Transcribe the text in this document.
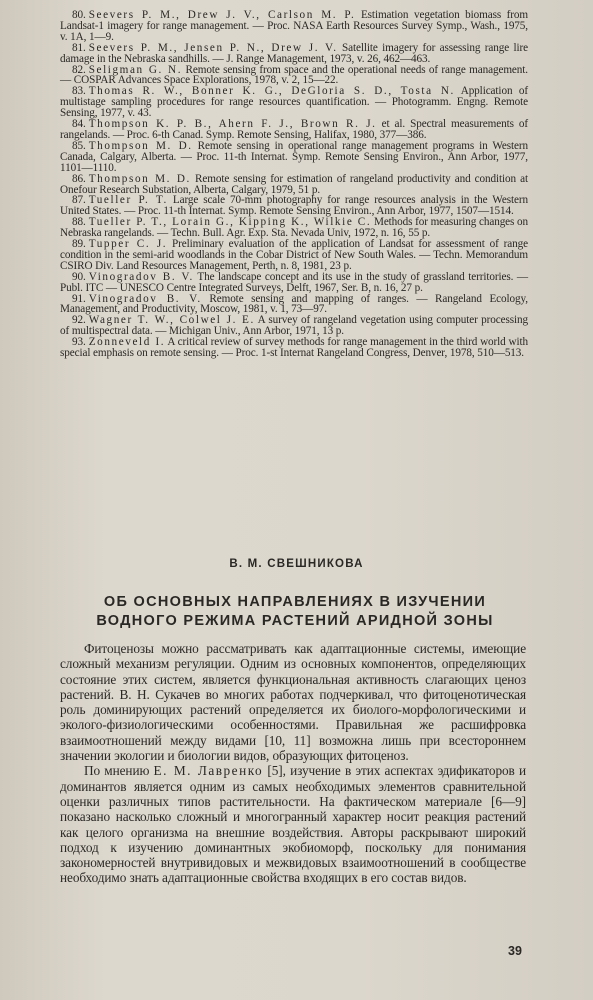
80. Seevers P. M., Drew J. V., Carlson M. P. Estimation vegetation biomass from Landsat-1 imagery for range management. — Proc. NASA Earth Resources Survey Symp., Wash., 1975, v. 1A, 1—9.
81. Seevers P. M., Jensen P. N., Drew J. V. Satellite imagery for assessing range lire damage in the Nebraska sandhills. — J. Range Management, 1973, v. 26, 462—463.
82. Seligman G. N. Remote sensing from space and the operational needs of range management. — COSPAR Advances Space Explorations, 1978, v. 2, 15—22.
83. Thomas R. W., Bonner K. G., DeGloria S. D., Tosta N. Application of multistage sampling procedures for range resources quantification. — Photogramm. Engng. Remote Sensing, 1977, v. 43.
84. Thompson K. P. B., Ahern F. J., Brown R. J. et al. Spectral measurements of rangelands. — Proc. 6-th Canad. Symp. Remote Sensing, Halifax, 1980, 377—386.
85. Thompson M. D. Remote sensing in operational range management programs in Western Canada, Calgary, Alberta. — Proc. 11-th Internat. Symp. Remote Sensing Environ., Ann Arbor, 1977, 1101—1110.
86. Thompson M. D. Remote sensing for estimation of rangeland productivity and condition at Onefour Research Substation, Alberta, Calgary, 1979, 51 p.
87. Tueller P. T. Large scale 70-mm photography for range resources analysis in the Western United States. — Proc. 11-th Internat. Symp. Remote Sensing Environ., Ann Arbor, 1977, 1507—1514.
88. Tueller P. T., Lorain G., Kipping K., Wilkie C. Methods for measuring changes on Nebraska rangelands. — Techn. Bull. Agr. Exp. Sta. Nevada Univ, 1972, n. 16, 55 p.
89. Tupper C. J. Preliminary evaluation of the application of Landsat for assessment of range condition in the semi-arid woodlands in the Cobar District of New South Wales. — Techn. Memorandum CSIRO Div. Land Resources Management, Perth, n. 8, 1981, 23 p.
90. Vinogradov B. V. The landscape concept and its use in the study of grassland territories. — Publ. ITC — UNESCO Centre Integrated Surveys, Delft, 1967, Ser. B, n. 16, 27 p.
91. Vinogradov B. V. Remote sensing and mapping of ranges. — Rangeland Ecology, Management, and Productivity, Moscow, 1981, v. 1, 73—97.
92. Wagner T. W., Colwel J. E. A survey of rangeland vegetation using computer processing of multispectral data. — Michigan Univ., Ann Arbor, 1971, 13 p.
93. Zonneveld I. A critical review of survey methods for range management in the third world with special emphasis on remote sensing. — Proc. 1-st Internat Rangeland Congress, Denver, 1978, 510—513.
В. М. СВЕШНИКОВА
ОБ ОСНОВНЫХ НАПРАВЛЕНИЯХ В ИЗУЧЕНИИ
ВОДНОГО РЕЖИМА РАСТЕНИЙ АРИДНОЙ ЗОНЫ

Фитоценозы можно рассматривать как адаптационные системы, имеющие сложный механизм регуляции. Одним из основных компонентов, определяющих состояние этих систем, является функциональная активность слагающих ценоз растений. В. Н. Сукачев во многих работах подчеркивал, что фитоценотическая роль доминирующих растений определяется их биолого-морфологическими и эколого-физиологическими особенностями. Правильная же расшифровка взаимоотношений между видами [10, 11] возможна лишь при всестороннем значении экологии и биологии видов, образующих фитоценоз.

По мнению Е. М. Лавренко [5], изучение в этих аспектах эдификаторов и доминантов является одним из самых необходимых элементов сравнительной оценки различных типов растительности. На фактическом материале [6—9] показано насколько сложный и многогранный характер носит реакция растений как целого организма на внешние воздействия. Авторы раскрывают широкий подход к изучению доминантных экобиоморф, поскольку для понимания закономерностей внутривидовых и межвидовых взаимоотношений в сообществе необходимо знать адаптационные свойства входящих в его состав видов.

39
